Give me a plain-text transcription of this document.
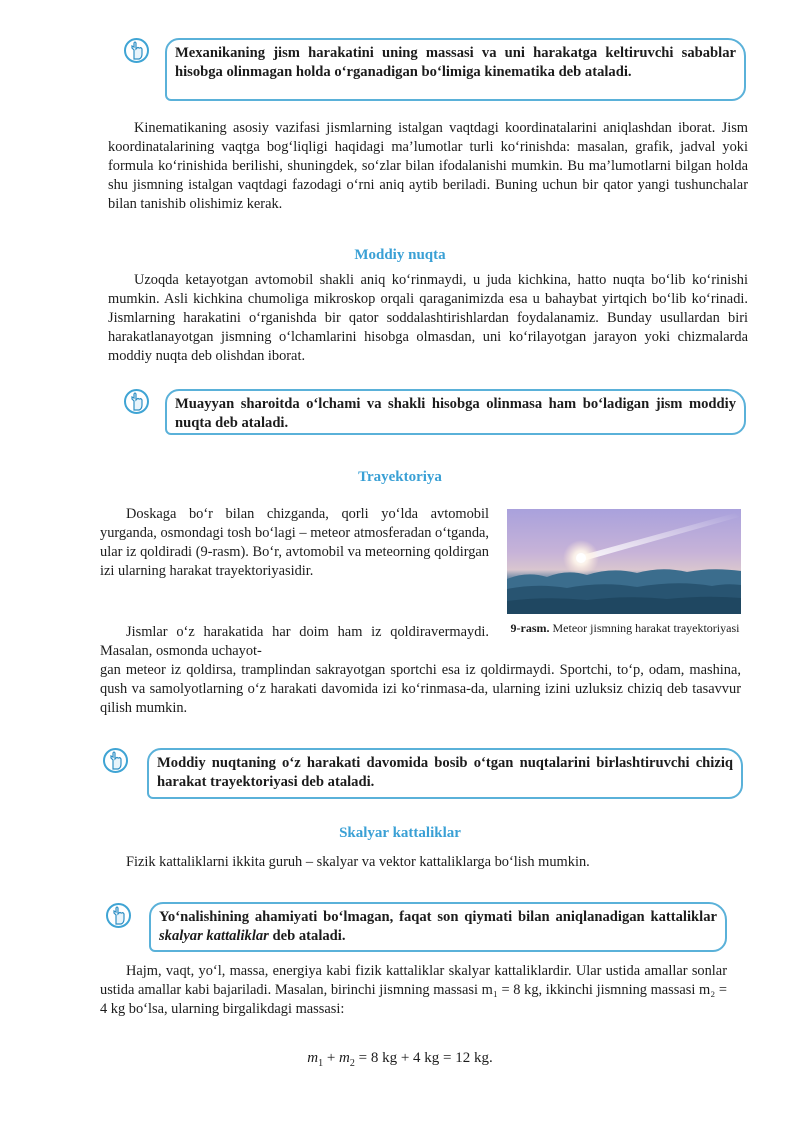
Mexanikaning jism harakatini uning massasi va uni harakatga keltiruvchi sabablar hisobga olinmagan holda o‘rganadigan bo‘limiga kinematika deb ataladi.

Kinematikaning asosiy vazifasi jismlarning istalgan vaqtdagi koordinatalarini aniqlashdan iborat. Jism koordinatalarining vaqtga bog‘liqligi haqidagi ma’lumotlar turli ko‘rinishda: masalan, grafik, jadval yoki formula ko‘rinishida berilishi, shuningdek, so‘zlar bilan ifodalanishi mumkin. Bu ma’lumotlarni bilgan holda shu jismning istalgan vaqtdagi fazodagi o‘rni aniq aytib beriladi. Buning uchun bir qator yangi tushunchalar bilan tanishib olishimiz kerak.

Moddiy nuqta

Uzoqda ketayotgan avtomobil shakli aniq ko‘rinmaydi, u juda kichkina, hatto nuqta bo‘lib ko‘rinishi mumkin. Asli kichkina chumoliga mikroskop orqali qaraganimizda esa u bahaybat yirtqich bo‘lib ko‘rinadi. Jismlarning harakatini o‘rganishda bir qator soddalashtirishlardan foydalanamiz. Bunday usullardan biri harakatlanayotgan jismning o‘lchamlarini hisobga olmasdan, uni ko‘rilayotgan jarayon yoki chizmalarda moddiy nuqta deb olishdan iborat.

Muayyan sharoitda o‘lchami va shakli hisobga olinmasa ham bo‘ladigan jism moddiy nuqta deb ataladi.
Trayektoriya

Doskaga bo‘r bilan chizganda, qorli yo‘lda avtomobil yurganda, osmondagi tosh bo‘lagi – meteor atmosferadan o‘tganda, ular iz qoldiradi (9-rasm). Bo‘r, avtomobil va meteorning qoldirgan izi ularning harakat trayektoriyasidir.

Jismlar o‘z harakatida har doim ham iz qoldiravermaydi. Masalan, osmonda uchayot-

gan meteor iz qoldirsa, tramplindan sakrayotgan sportchi esa iz qoldirmaydi. Sportchi, to‘p, odam, mashina, qush va samolyotlarning o‘z harakati davomida izi ko‘rinmasa-da, ularning izini uzluksiz chiziq deb tasavvur qilish mumkin.

9-rasm. Meteor jismning harakat trayektoriyasi
Moddiy nuqtaning o‘z harakati davomida bosib o‘tgan nuqtalarini birlashtiruvchi chiziq harakat trayektoriyasi deb ataladi.
Skalyar kattaliklar

Fizik kattaliklarni ikkita guruh – skalyar va vektor kattaliklarga bo‘lish mumkin.

Yo‘nalishining ahamiyati bo‘lmagan, faqat son qiymati bilan aniqlanadigan kattaliklar skalyar kattaliklar deb ataladi.

Hajm, vaqt, yo‘l, massa, energiya kabi fizik kattaliklar skalyar kattaliklardir. Ular ustida amallar sonlar ustida amallar kabi bajariladi. Masalan, birinchi jismning massasi m₁ = 8 kg, ikkinchi jismning massasi m₂ = 4 kg bo‘lsa, ularning birgalikdagi massasi:

$m_1 + m_2 = 8$ kg + 4 kg = 12 kg.
